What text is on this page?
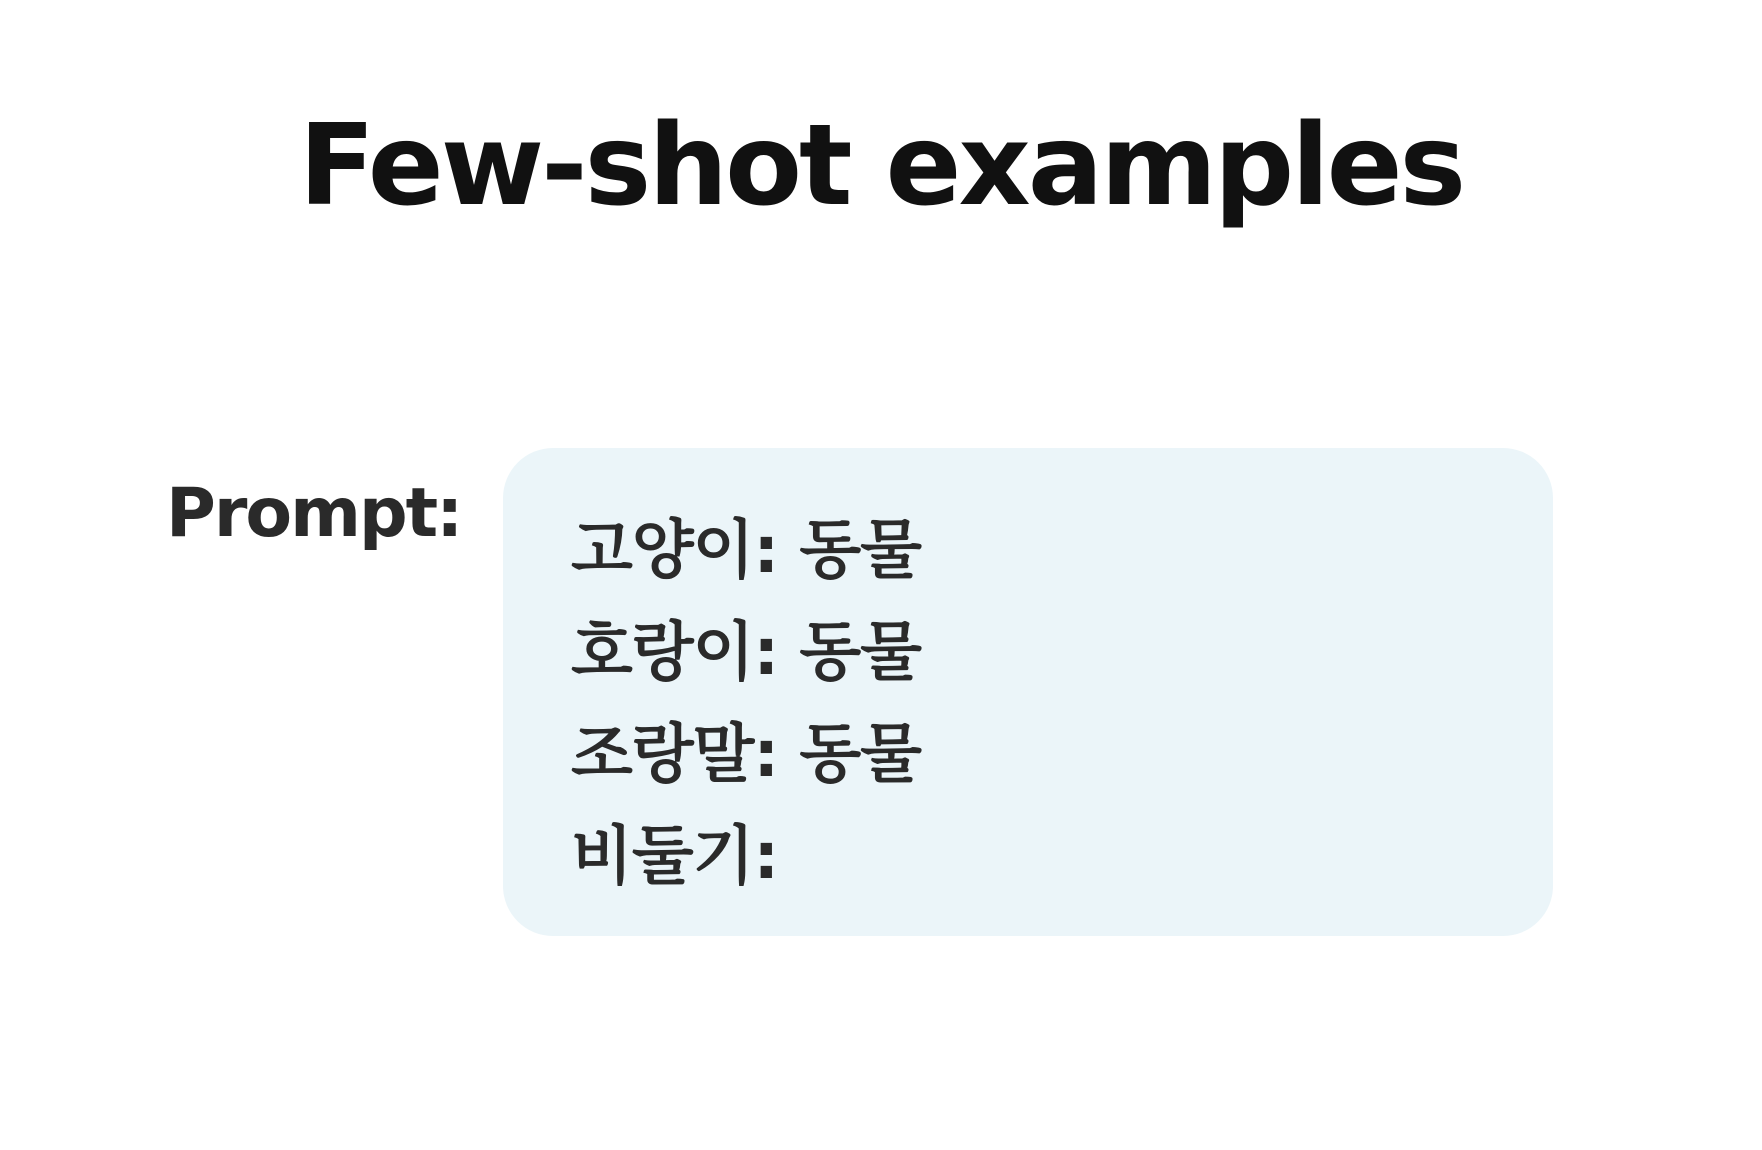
Few-shot examples
Prompt: 고양이: 동물
호랑이: 동물
조랑말: 동물
비둘기:
